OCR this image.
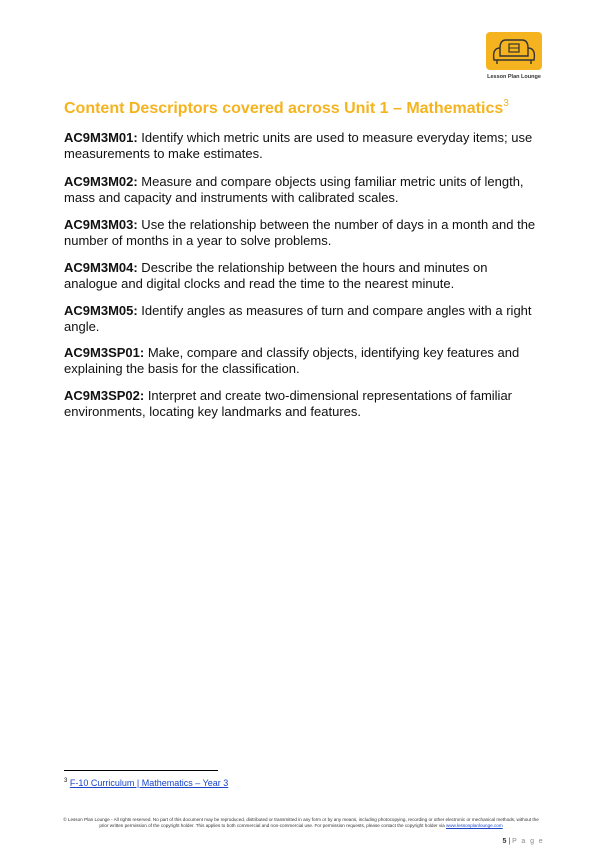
Lesson Plan Lounge
Content Descriptors covered across Unit 1 – Mathematics$^3$

AC9M3M01: Identify which metric units are used to measure everyday items; use measurements to make estimates.

AC9M3M02: Measure and compare objects using familiar metric units of length, mass and capacity and instruments with calibrated scales.

AC9M3M03: Use the relationship between the number of days in a month and the number of months in a year to solve problems.

AC9M3M04: Describe the relationship between the hours and minutes on analogue and digital clocks and read the time to the nearest minute.

AC9M3M05: Identify angles as measures of turn and compare angles with a right angle.

AC9M3SP01: Make, compare and classify objects, identifying key features and explaining the basis for the classification.

AC9M3SP02: Interpret and create two-dimensional representations of familiar environments, locating key landmarks and features.

$^3$ F-10 Curriculum | Mathematics – Year 3
© Lesson Plan Lounge - All rights reserved. No part of this document may be reproduced, distributed or transmitted in any form or by any means, including photocopying, recording or other electronic or mechanical methods, without the prior written permission of the copyright holder. This applies to both commercial and non-commercial use. For permission requests, please contact the copyright holder via www.lessonplanlounge.com
5 | P a g e
